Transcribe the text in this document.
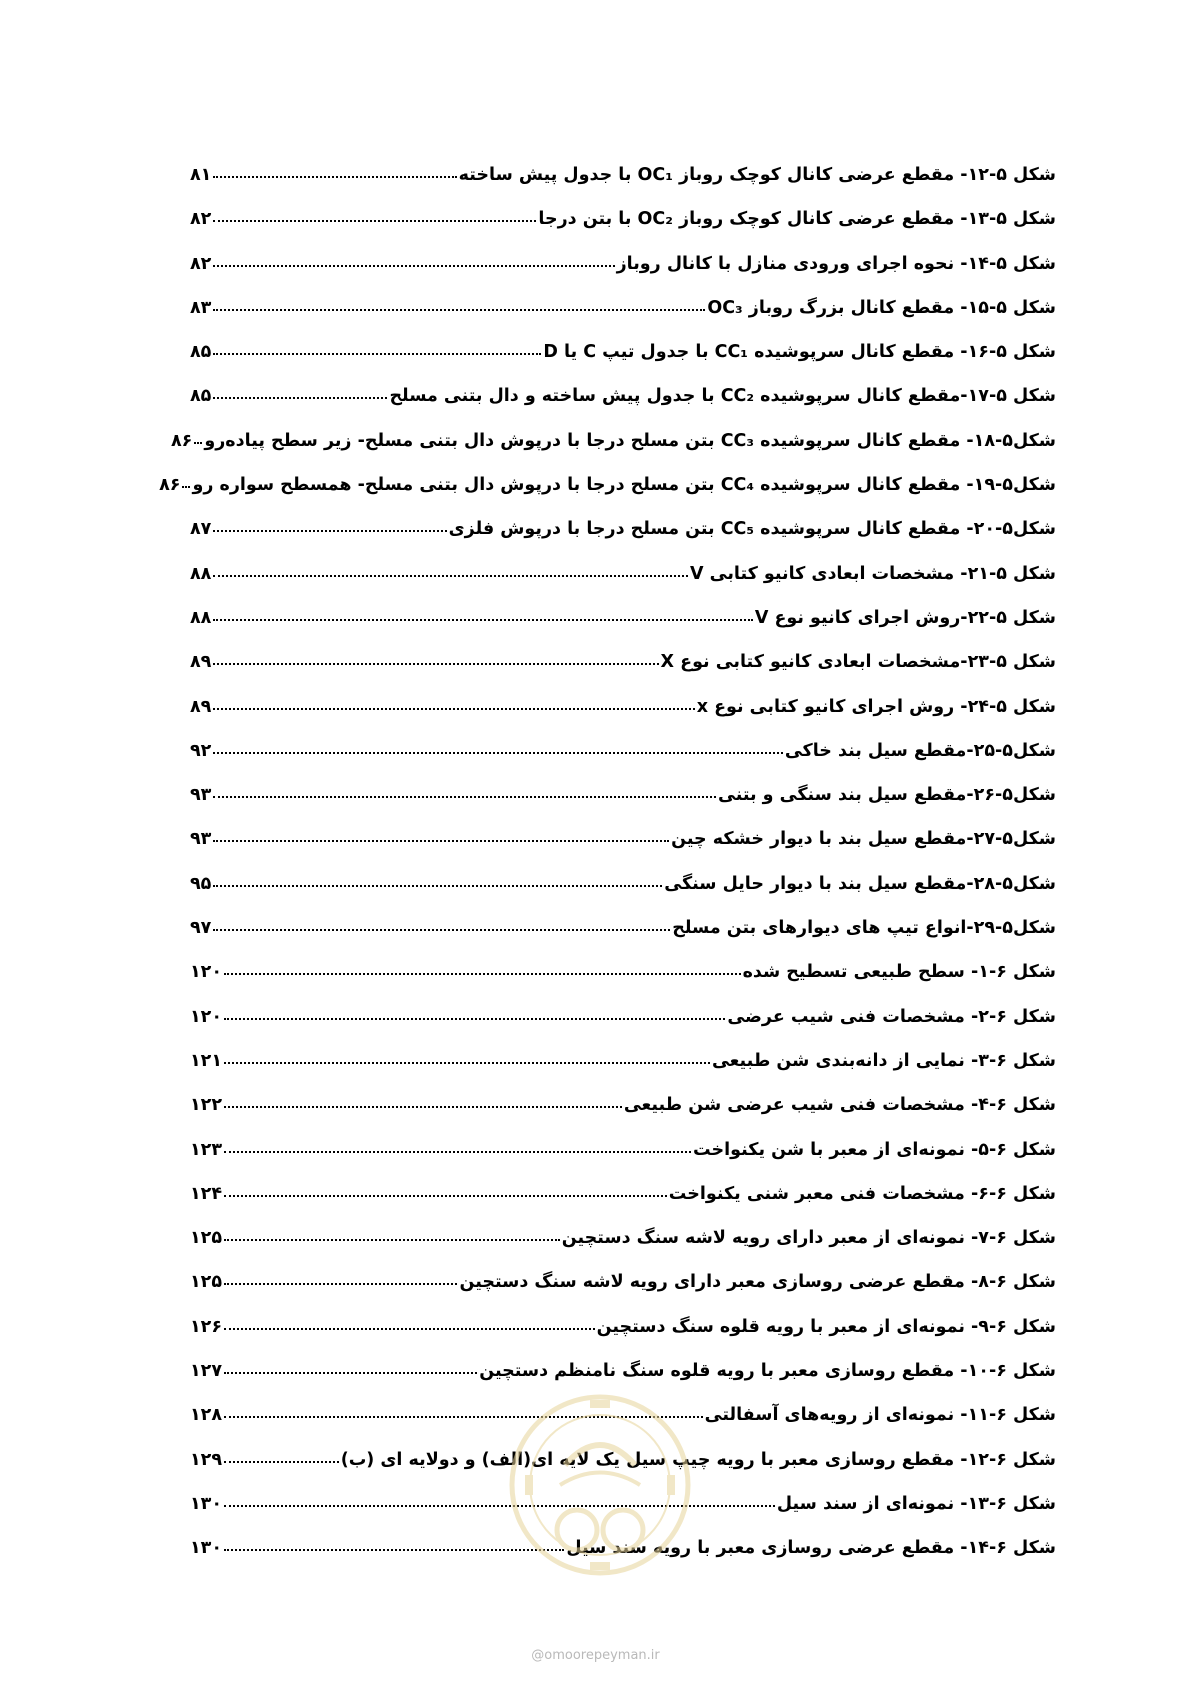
شکل ۵-۱۲- مقطع عرضی کانال کوچک روباز OC₁ با جدول پیش ساخته
۸۱
شکل ۵-۱۳- مقطع عرضی کانال کوچک روباز OC₂ با بتن درجا
۸۲
شکل ۵-۱۴- نحوه اجرای ورودی منازل با کانال روباز
۸۲
شکل ۵-۱۵- مقطع کانال بزرگ روباز OC₃
۸۳
شکل ۵-۱۶- مقطع کانال سرپوشیده CC₁ با جدول تیپ C یا D
۸۵
شکل ۵-۱۷-مقطع کانال سرپوشیده CC₂ با جدول پیش ساخته و دال بتنی مسلح
۸۵
شکل۵-۱۸- مقطع کانال سرپوشیده CC₃ بتن مسلح درجا با درپوش دال بتنی مسلح- زیر سطح پیاده‌رو
۸۶
شکل۵-۱۹- مقطع کانال سرپوشیده CC₄ بتن مسلح درجا با درپوش دال بتنی مسلح- همسطح سواره رو
۸۶
شکل۵-۲۰- مقطع کانال سرپوشیده CC₅ بتن مسلح درجا با درپوش فلزی
۸۷
شکل ۵-۲۱- مشخصات ابعادی کانیو کتابی V
۸۸
شکل ۵-۲۲-روش اجرای کانیو نوع V
۸۸
شکل ۵-۲۳-مشخصات ابعادی کانیو کتابی نوع X
۸۹
شکل ۵-۲۴- روش اجرای کانیو کتابی نوع x
۸۹
شکل۵-۲۵-مقطع سیل بند خاکی
۹۲
شکل۵-۲۶-مقطع سیل بند سنگی و بتنی
۹۳
شکل۵-۲۷-مقطع سیل بند با دیوار خشکه چین
۹۳
شکل۵-۲۸-مقطع سیل بند با دیوار حایل سنگی
۹۵
شکل۵-۲۹-انواع تیپ های دیوارهای بتن مسلح
۹۷
شکل ۶-۱- سطح طبیعی تسطیح شده
۱۲۰
شکل ۶-۲- مشخصات فنی شیب عرضی
۱۲۰
شکل ۶-۳- نمایی از دانه‌بندی شن طبیعی
۱۲۱
شکل ۶-۴- مشخصات فنی شیب عرضی شن طبیعی
۱۲۲
شکل ۶-۵- نمونه‌ای از معبر با شن یکنواخت
۱۲۳
شکل ۶-۶- مشخصات فنی معبر شنی یکنواخت
۱۲۴
شکل ۶-۷- نمونه‌ای از معبر دارای رویه لاشه سنگ دستچین
۱۲۵
شکل ۶-۸- مقطع عرضی روسازی معبر دارای رویه لاشه سنگ دستچین
۱۲۵
شکل ۶-۹- نمونه‌ای از معبر با رویه قلوه سنگ دستچین
۱۲۶
شکل ۶-۱۰- مقطع روسازی معبر با رویه قلوه سنگ نامنظم دستچین
۱۲۷
شکل ۶-۱۱- نمونه‌ای از رویه‌های آسفالتی
۱۲۸
شکل ۶-۱۲- مقطع روسازی معبر با رویه چیپ سیل یک لایه ای(الف) و دولایه ای (ب)
۱۲۹
شکل ۶-۱۳- نمونه‌ای از سند سیل
۱۳۰
شکل ۶-۱۴- مقطع عرضی روسازی معبر با رویه سند سیل
۱۳۰
@omoorepeyman.ir
